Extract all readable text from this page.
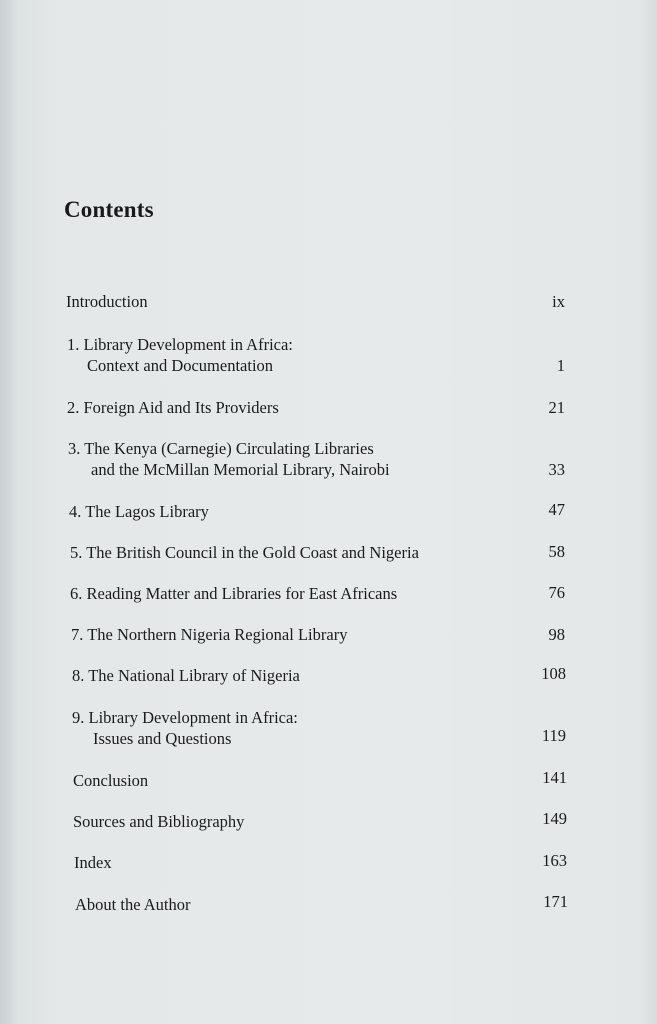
Contents
Introduction	ix
1. Library Development in Africa:
Context and Documentation	1
2. Foreign Aid and Its Providers	21
3. The Kenya (Carnegie) Circulating Libraries
and the McMillan Memorial Library, Nairobi	33
4. The Lagos Library	47
5. The British Council in the Gold Coast and Nigeria	58
6. Reading Matter and Libraries for East Africans	76
7. The Northern Nigeria Regional Library	98
8. The National Library of Nigeria	108
9. Library Development in Africa:
Issues and Questions	119
Conclusion	141
Sources and Bibliography	149
Index	163
About the Author	171
